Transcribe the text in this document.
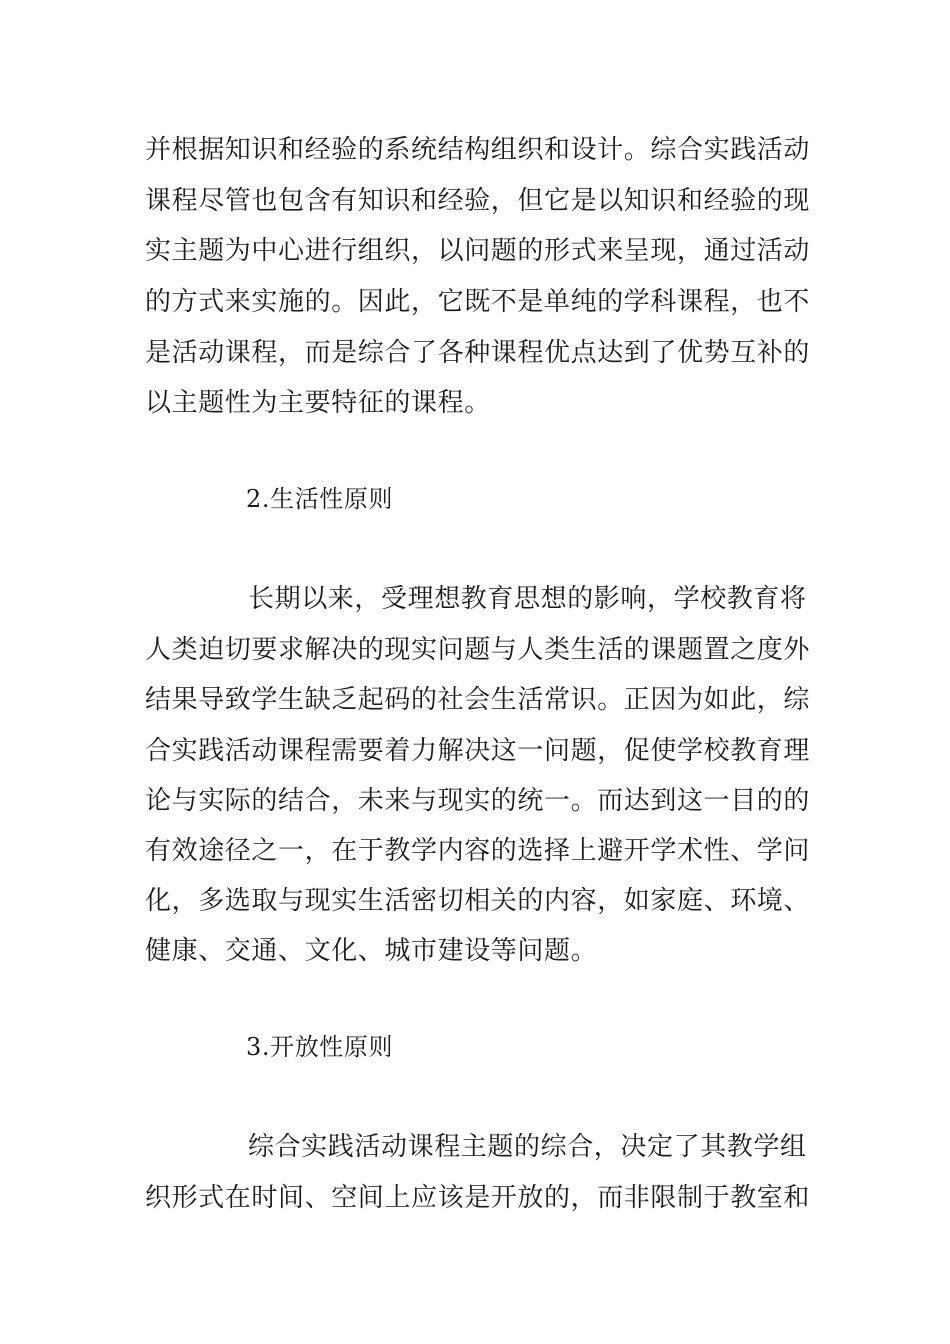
并根据知识和经验的系统结构组织和设计。综合实践活动
课程尽管也包含有知识和经验，但它是以知识和经验的现
实主题为中心进行组织，以问题的形式来呈现，通过活动
的方式来实施的。因此，它既不是单纯的学科课程，也不
是活动课程，而是综合了各种课程优点达到了优势互补的
以主题性为主要特征的课程。
2.生活性原则
长期以来，受理想教育思想的影响，学校教育将
人类迫切要求解决的现实问题与人类生活的课题置之度外
结果导致学生缺乏起码的社会生活常识。正因为如此，综
合实践活动课程需要着力解决这一问题，促使学校教育理
论与实际的结合，未来与现实的统一。而达到这一目的的
有效途径之一，在于教学内容的选择上避开学术性、学问
化，多选取与现实生活密切相关的内容，如家庭、环境、
健康、交通、文化、城市建设等问题。
3.开放性原则
综合实践活动课程主题的综合，决定了其教学组
织形式在时间、空间上应该是开放的，而非限制于教室和
